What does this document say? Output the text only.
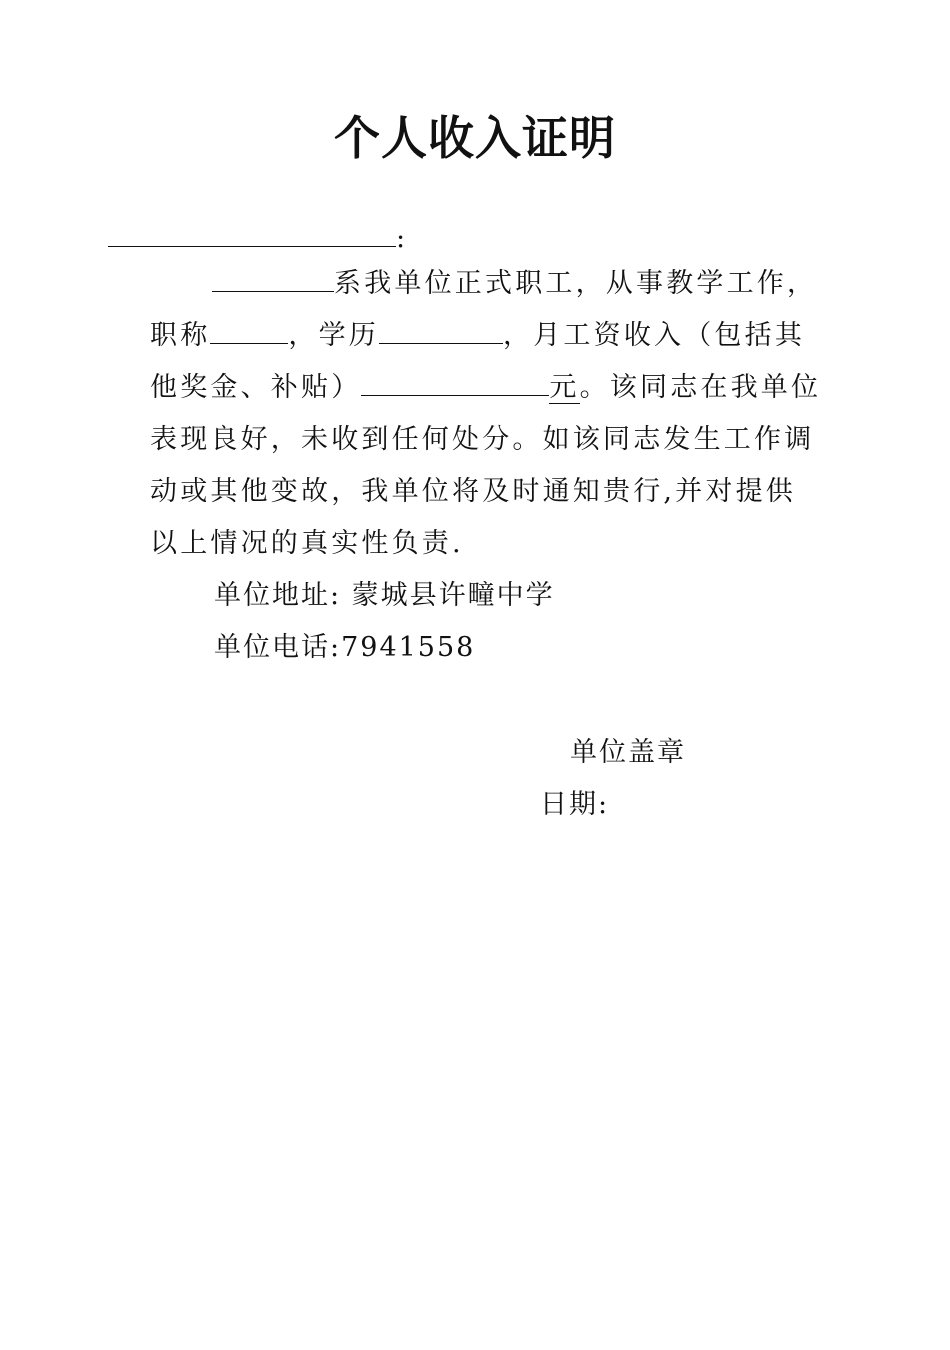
个人收入证明
:
系我单位正式职工，从事教学工作，
职称	，学历	，月工资收入（包括其
他奖金、补贴）	元。该同志在我单位
表现良好，未收到任何处分。如该同志发生工作调
动或其他变故，我单位将及时通知贵行,并对提供
以上情况的真实性负责.
单位地址: 蒙城县许疃中学
单位电话:7941558
单位盖章
日期:
